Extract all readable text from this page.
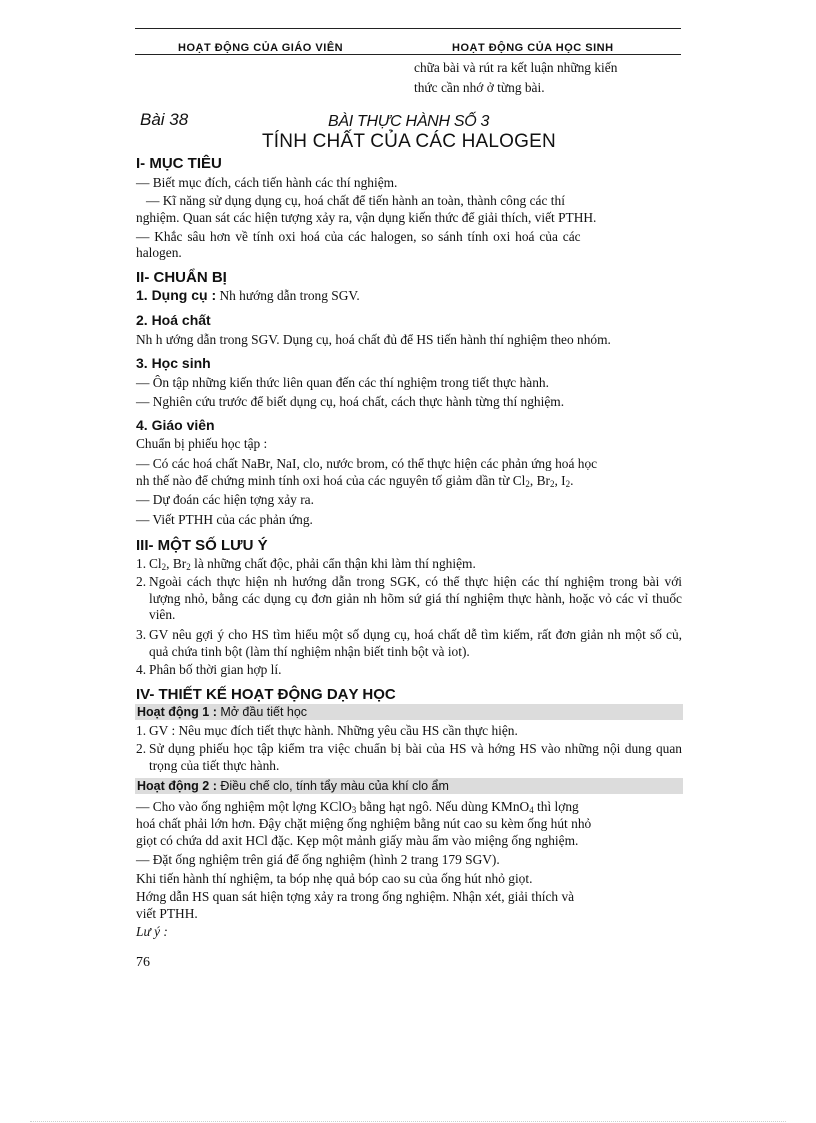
HOẠT ĐỘNG CỦA GIÁO VIÊN	HOẠT ĐỘNG CỦA HỌC SINH
chữa bài và rút ra kết luận những kiến
thức cần nhớ ở từng bài.
Bài 38	BÀI THỰC HÀNH SỐ 3
TÍNH CHẤT CỦA CÁC HALOGEN
I- MỤC TIÊU
— Biết mục đích, cách tiến hành các thí nghiệm.
— Kĩ năng sử dụng dụng cụ, hoá chất để tiến hành an toàn, thành công các thí
nghiệm. Quan sát các hiện tượng xảy ra, vận dụng kiến thức để giải thích, viết PTHH.
— Khắc sâu hơn về tính oxi hoá của các halogen, so sánh tính oxi hoá của các
halogen.
II- CHUẨN BỊ
1. Dụng cụ : Nh hướng dẫn trong SGV.
2. Hoá chất
Nh h ướng dẫn trong SGV. Dụng cụ, hoá chất đủ để HS tiến hành thí nghiệm theo nhóm.
3. Học sinh
— Ôn tập những kiến thức liên quan đến các thí nghiệm trong tiết thực hành.
— Nghiên cứu trước để biết dụng cụ, hoá chất, cách thực hành từng thí nghiệm.
4. Giáo viên
Chuẩn bị phiếu học tập :
— Có các hoá chất NaBr, NaI, clo, nước brom, có thể thực hiện các phản ứng hoá học
nh thế nào để chứng minh tính oxi hoá của các nguyên tố giảm dần từ $Cl_2$, $Br_2$, $I_2$.
— Dự đoán các hiện tợng xảy ra.
— Viết PTHH của các phản ứng.
III- MỘT SỐ LƯU Ý
1. $Cl_2$, $Br_2$ là những chất độc, phải cẩn thận khi làm thí nghiệm.
2. Ngoài cách thực hiện nh hướng dẫn trong SGK, có thể thực hiện các thí nghiệm trong bài với lượng nhỏ, bằng các dụng cụ đơn giản nh hõm sứ giá thí nghiệm thực hành, hoặc vỏ các vỉ thuốc viên.
3. GV nêu gợi ý cho HS tìm hiểu một số dụng cụ, hoá chất dễ tìm kiếm, rất đơn giản nh một số củ, quả chứa tinh bột (làm thí nghiệm nhận biết tinh bột và iot).
4. Phân bố thời gian hợp lí.
IV- THIẾT KẾ HOẠT ĐỘNG DẠY HỌC
Hoạt động 1 : Mở đầu tiết học
1. GV : Nêu mục đích tiết thực hành. Những yêu cầu HS cần thực hiện.
2. Sử dụng phiếu học tập kiểm tra việc chuẩn bị bài của HS và hớng HS vào những nội dung quan trọng của tiết thực hành.
Hoạt động 2 : Điều chế clo, tính tẩy màu của khí clo ẩm
— Cho vào ống nghiệm một lợng KClO$_3$ bằng hạt ngô. Nếu dùng KMnO$_4$ thì lợng
hoá chất phải lớn hơn. Đậy chặt miệng ống nghiệm bằng nút cao su kèm ống hút nhỏ
giọt có chứa dd axit HCl đặc. Kẹp một mảnh giấy màu ẩm vào miệng ống nghiệm.
— Đặt ống nghiệm trên giá để ống nghiệm (hình 2 trang 179 SGV).
Khi tiến hành thí nghiệm, ta bóp nhẹ quả bóp cao su của ống hút nhỏ giọt.
Hớng dẫn HS quan sát hiện tợng xảy ra trong ống nghiệm. Nhận xét, giải thích và
viết PTHH.
Lư ý :
76
